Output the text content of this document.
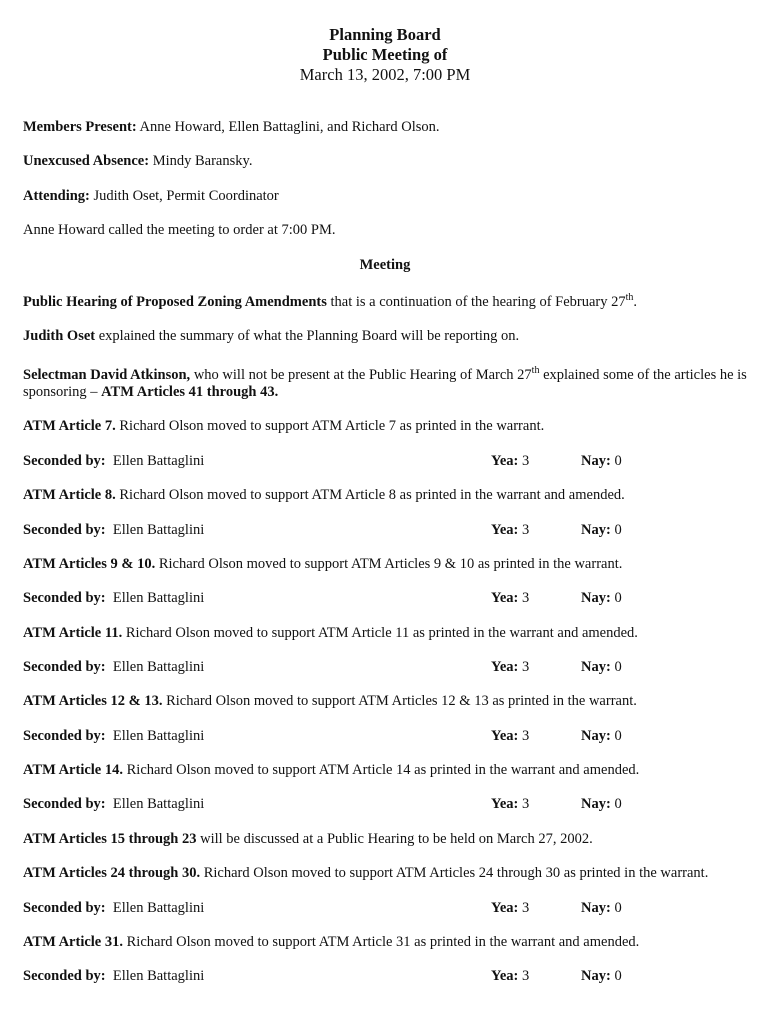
Planning Board
Public Meeting of
March 13, 2002, 7:00 PM
Members Present: Anne Howard, Ellen Battaglini, and Richard Olson.
Unexcused Absence: Mindy Baransky.
Attending: Judith Oset, Permit Coordinator
Anne Howard called the meeting to order at 7:00 PM.
Meeting
Public Hearing of Proposed Zoning Amendments that is a continuation of the hearing of February 27th.
Judith Oset explained the summary of what the Planning Board will be reporting on.
Selectman David Atkinson, who will not be present at the Public Hearing of March 27th explained some of the articles he is sponsoring – ATM Articles 41 through 43.
ATM Article 7. Richard Olson moved to support ATM Article 7 as printed in the warrant.
Seconded by: Ellen Battaglini	Yea: 3	Nay: 0
ATM Article 8. Richard Olson moved to support ATM Article 8 as printed in the warrant and amended.
Seconded by: Ellen Battaglini	Yea: 3	Nay: 0
ATM Articles 9 & 10. Richard Olson moved to support ATM Articles 9 & 10 as printed in the warrant.
Seconded by: Ellen Battaglini	Yea: 3	Nay: 0
ATM Article 11. Richard Olson moved to support ATM Article 11 as printed in the warrant and amended.
Seconded by: Ellen Battaglini	Yea: 3	Nay: 0
ATM Articles 12 & 13. Richard Olson moved to support ATM Articles 12 & 13 as printed in the warrant.
Seconded by: Ellen Battaglini	Yea: 3	Nay: 0
ATM Article 14. Richard Olson moved to support ATM Article 14 as printed in the warrant and amended.
Seconded by: Ellen Battaglini	Yea: 3	Nay: 0
ATM Articles 15 through 23 will be discussed at a Public Hearing to be held on March 27, 2002.
ATM Articles 24 through 30. Richard Olson moved to support ATM Articles 24 through 30 as printed in the warrant.
Seconded by: Ellen Battaglini	Yea: 3	Nay: 0
ATM Article 31. Richard Olson moved to support ATM Article 31 as printed in the warrant and amended.
Seconded by: Ellen Battaglini	Yea: 3	Nay: 0
